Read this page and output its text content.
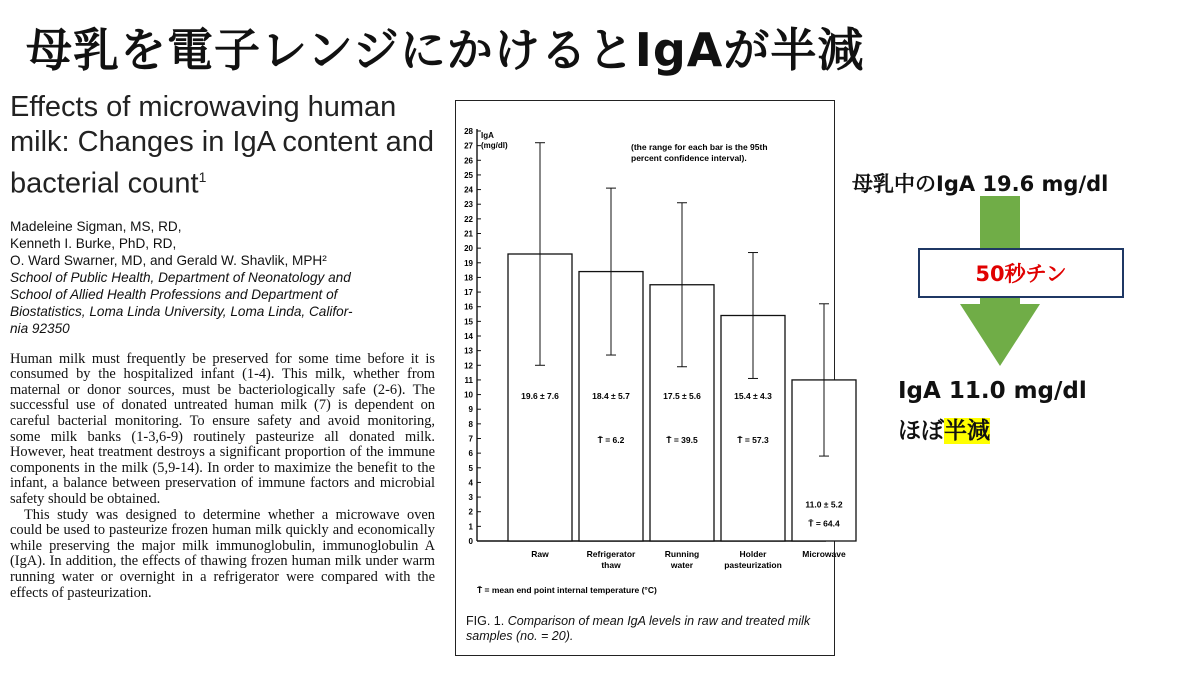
母乳を電子レンジにかけるとIgAが半減
Effects of microwaving human milk: Changes in IgA content and bacterial count$^1$
Madeleine Sigman, MS, RD,
Kenneth I. Burke, PhD, RD,
O. Ward Swarner, MD, and Gerald W. Shavlik, MPH²
School of Public Health, Department of Neonatology and
School of Allied Health Professions and Department of
Biostatistics, Loma Linda University, Loma Linda, Califor-
nia 92350

Human milk must frequently be preserved for some time before it is consumed by the hospitalized infant (1-4). This milk, whether from maternal or donor sources, must be bacteriologically safe (2-6). The successful use of donated untreated human milk (7) is dependent on careful bacterial monitoring. To ensure safety and avoid monitoring, some milk banks (1-3,6-9) routinely pasteurize all donated milk. However, heat treatment destroys a significant proportion of the immune components in the milk (5,9-14). In order to maximize the benefit to the infant, a balance between preservation of immune factors and microbial safety should be obtained.

This study was designed to determine whether a microwave oven could be used to pasteurize frozen human milk quickly and economically while preserving the major milk immunoglobulin, immunoglobulin A (IgA). In addition, the effects of thawing frozen human milk under warm running water or overnight in a refrigerator were compared with the effects of pasteurization.

0
1
2
3
4
5
6
7
8
9
10
11
12
13
14
15
16
17
18
19
20
21
22
23
24
25
26
27
28 IgA
(mg/dl)	(the range for each bar is the 95th
percent confidence interval).
19.6 ± 7.6
Raw
18.4 ± 5.7
T̄ = 6.2
Refrigerator
thaw
17.5 ± 5.6
T̄ = 39.5
Running
water
15.4 ± 4.3
T̄ = 57.3
Holder
pasteurization
11.0 ± 5.2
T̄ = 64.4
Microwave
T̄ = mean end point internal temperature (°C)
FIG. 1. Comparison of mean IgA levels in raw and treated milk samples (no. = 20).
母乳中のIgA 19.6 mg/dl
50秒チン
IgA 11.0 mg/dl
ほぼ半減
